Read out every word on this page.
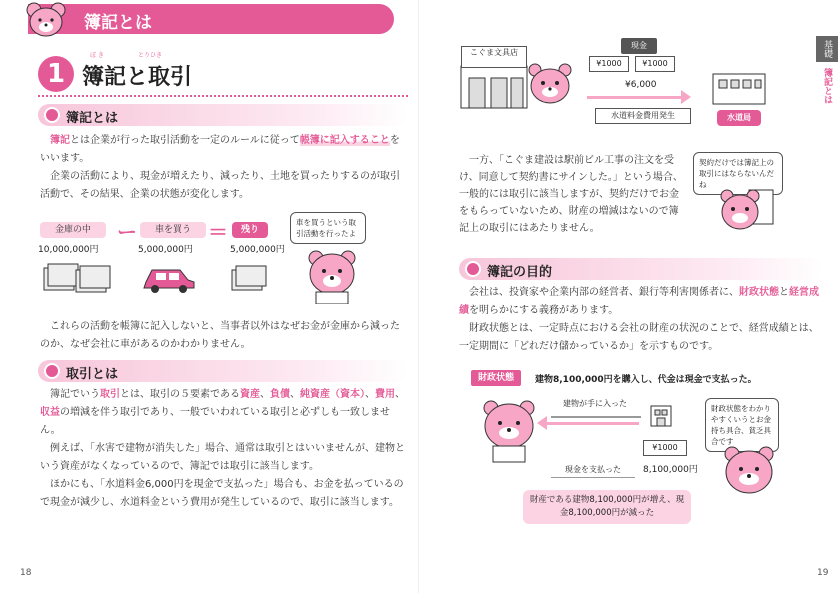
簿記とは
1
ぼ き	とりひき
簿記と取引
簿記とは
簿記とは企業が行った取引活動を一定のルールに従って帳簿に記入することをいいます。
企業の活動により、現金が増えたり、減ったり、土地を買ったりするのが取引活動で、その結果、企業の状態が変化します。
金庫の中	ー	車を買う ＝	残り
10,000,000円	5,000,000円	5,000,000円
車を買うという取引活動を行ったよ
これらの活動を帳簿に記入しないと、当事者以外はなぜお金が金庫から減ったのか、なぜ会社に車があるのかわかりません。
取引とは
簿記でいう取引とは、取引の５要素である資産、負債、純資産（資本）、費用、収益の増減を伴う取引であり、一般でいわれている取引と必ずしも一致しません。
例えば、「水害で建物が消失した」場合、通常は取引とはいいませんが、建物という資産がなくなっているので、簿記では取引に該当します。
ほかにも、「水道料金6,000円を現金で支払った」場合も、お金を払っているので現金が減少し、水道料金という費用が発生しているので、取引に該当します。
18
基礎編
簿記とは
こぐま文具店
現金
¥1000	¥1000
¥6,000
水道料金費用発生	水道局
一方、「こぐま建設は駅前ビル工事の注文を受け、同意して契約書にサインした。」という場合、一般的には取引に該当しますが、契約だけでお金をもらっていないため、財産の増減はないので簿記上の取引にはあたりません。
契約だけでは簿記上の取引にはならないんだね
簿記の目的
会社は、投資家や企業内部の経営者、銀行等利害関係者に、財政状態と経営成績を明らかにする義務があります。
財政状態とは、一定時点における会社の財産の状況のことで、経営成績とは、一定期間に「どれだけ儲かっているか」を示すものです。
財政状態	建物8,100,000円を購入し、代金は現金で支払った。
建物が手に入った
現金を支払った
¥1000
8,100,000円
財政状態をわかりやすくいうとお金持ち具合、貧乏具合です
財産である建物8,100,000円が増え、現金8,100,000円が減った
19
